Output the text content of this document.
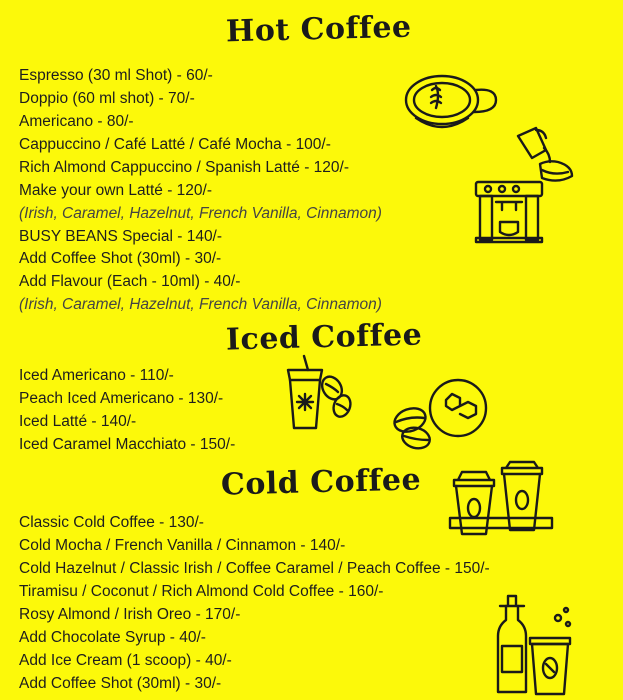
Hot Coffee
Espresso (30 ml Shot) - 60/-
Doppio (60 ml shot) - 70/-
Americano - 80/-
Cappuccino / Café Latté / Café Mocha - 100/-
Rich Almond Cappuccino / Spanish Latté - 120/-
Make your own Latté - 120/-
(Irish, Caramel, Hazelnut, French Vanilla, Cinnamon)
BUSY BEANS Special - 140/-
Add Coffee Shot (30ml) - 30/-
Add Flavour (Each - 10ml) - 40/-
(Irish, Caramel, Hazelnut, French Vanilla, Cinnamon)
Iced Coffee
Iced Americano - 110/-
Peach Iced Americano - 130/-
Iced Latté - 140/-
Iced Caramel Macchiato - 150/-
Cold Coffee
Classic Cold Coffee - 130/-
Cold Mocha / French Vanilla / Cinnamon - 140/-
Cold Hazelnut / Classic Irish / Coffee Caramel / Peach Coffee - 150/-
Tiramisu / Coconut / Rich Almond Cold Coffee - 160/-
Rosy Almond / Irish Oreo - 170/-
Add Chocolate Syrup - 40/-
Add Ice Cream (1 scoop) - 40/-
Add Coffee Shot (30ml) - 30/-
